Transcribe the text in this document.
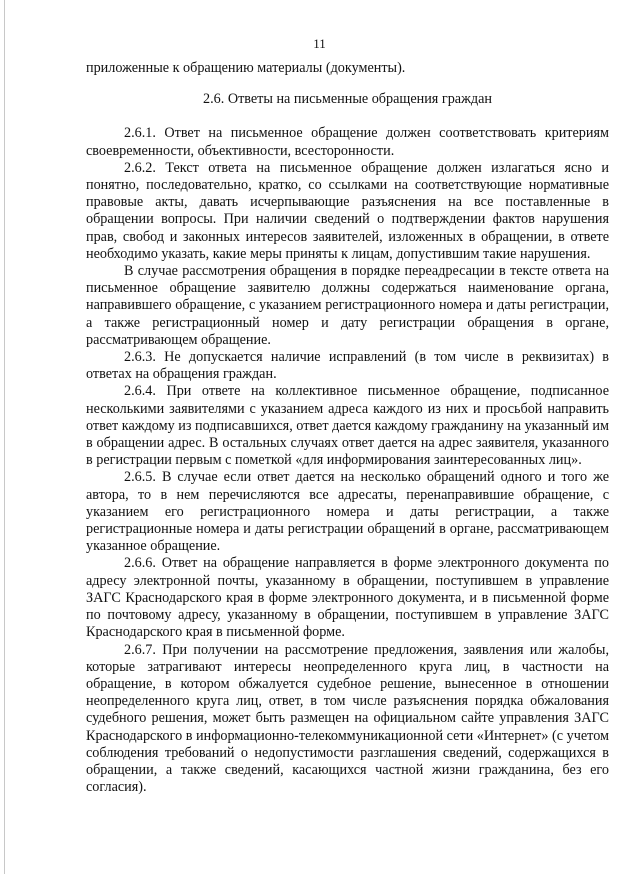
11

приложенные к обращению материалы (документы).

2.6. Ответы на письменные обращения граждан

2.6.1. Ответ на письменное обращение должен соответствовать критериям своевременности, объективности, всесторонности.

2.6.2. Текст ответа на письменное обращение должен излагаться ясно и понятно, последовательно, кратко, со ссылками на соответствующие нормативные правовые акты, давать исчерпывающие разъяснения на все поставленные в обращении вопросы. При наличии сведений о подтверждении фактов нарушения прав, свобод и законных интересов заявителей, изложенных в обращении, в ответе необходимо указать, какие меры приняты к лицам, допустившим такие нарушения.

В случае рассмотрения обращения в порядке переадресации в тексте ответа на письменное обращение заявителю должны содержаться наименование органа, направившего обращение, с указанием регистрационного номера и даты регистрации, а также регистрационный номер и дату регистрации обращения в органе, рассматривающем обращение.

2.6.3. Не допускается наличие исправлений (в том числе в реквизитах) в ответах на обращения граждан.

2.6.4. При ответе на коллективное письменное обращение, подписанное несколькими заявителями с указанием адреса каждого из них и просьбой направить ответ каждому из подписавшихся, ответ дается каждому гражданину на указанный им в обращении адрес. В остальных случаях ответ дается на адрес заявителя, указанного в регистрации первым с пометкой «для информирования заинтересованных лиц».

2.6.5. В случае если ответ дается на несколько обращений одного и того же автора, то в нем перечисляются все адресаты, перенаправившие обращение, с указанием его регистрационного номера и даты регистрации, а также регистрационные номера и даты регистрации обращений в органе, рассматривающем указанное обращение.

2.6.6. Ответ на обращение направляется в форме электронного документа по адресу электронной почты, указанному в обращении, поступившем в управление ЗАГС Краснодарского края в форме электронного документа, и в письменной форме по почтовому адресу, указанному в обращении, поступившем в управление ЗАГС Краснодарского края в письменной форме.

2.6.7. При получении на рассмотрение предложения, заявления или жалобы, которые затрагивают интересы неопределенного круга лиц, в частности на обращение, в котором обжалуется судебное решение, вынесенное в отношении неопределенного круга лиц, ответ, в том числе разъяснения порядка обжалования судебного решения, может быть размещен на официальном сайте управления ЗАГС Краснодарского в информационно-телекоммуникационной сети «Интернет» (с учетом соблюдения требований о недопустимости разглашения сведений, содержащихся в обращении, а также сведений, касающихся частной жизни гражданина, без его согласия).
